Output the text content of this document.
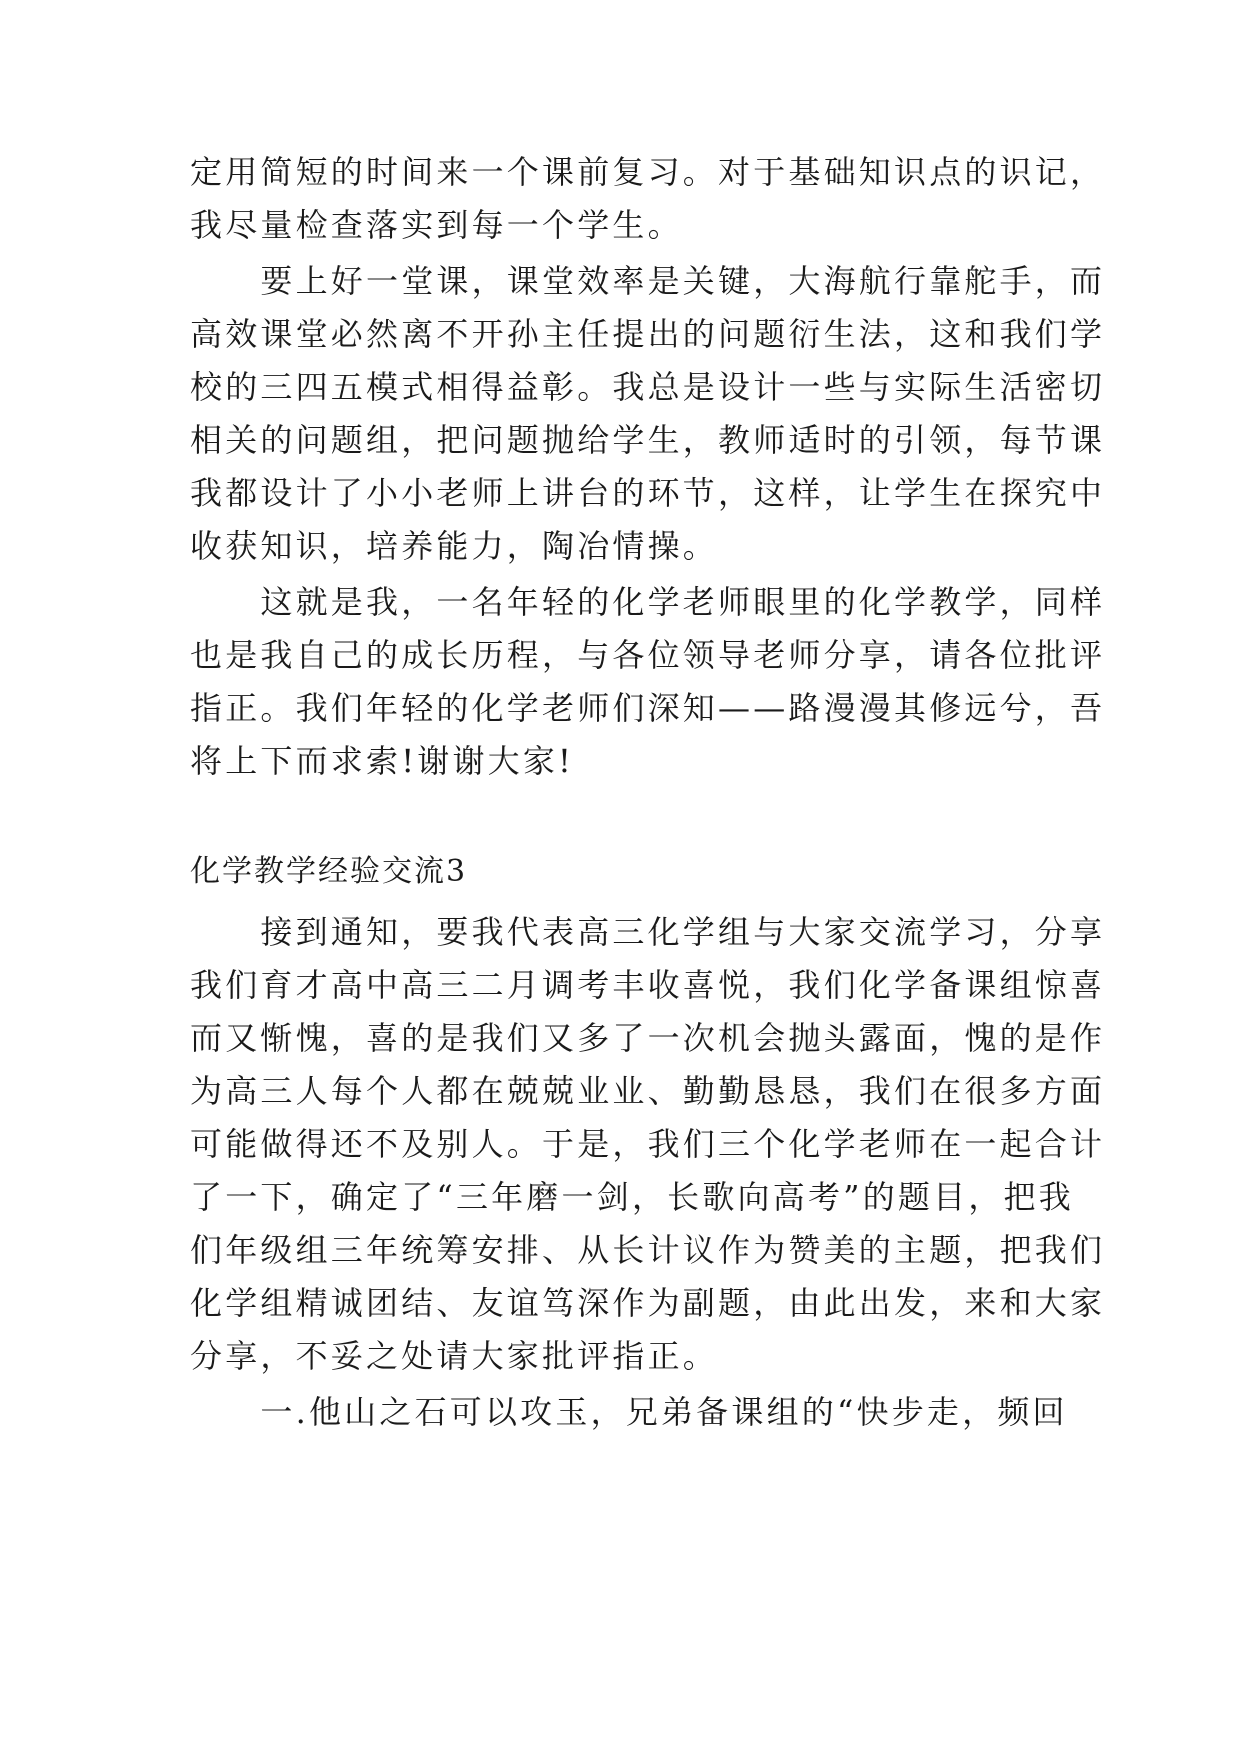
定用简短的时间来一个课前复习。对于基础知识点的识记，
我尽量检查落实到每一个学生。
　　要上好一堂课，课堂效率是关键，大海航行靠舵手，而
高效课堂必然离不开孙主任提出的问题衍生法，这和我们学
校的三四五模式相得益彰。我总是设计一些与实际生活密切
相关的问题组，把问题抛给学生，教师适时的引领，每节课
我都设计了小小老师上讲台的环节，这样，让学生在探究中
收获知识，培养能力，陶冶情操。
　　这就是我，一名年轻的化学老师眼里的化学教学，同样
也是我自己的成长历程，与各位领导老师分享，请各位批评
指正。我们年轻的化学老师们深知——路漫漫其修远兮，吾
将上下而求索!谢谢大家!
化学教学经验交流3
　　接到通知，要我代表高三化学组与大家交流学习，分享
我们育才高中高三二月调考丰收喜悦，我们化学备课组惊喜
而又惭愧，喜的是我们又多了一次机会抛头露面，愧的是作
为高三人每个人都在兢兢业业、勤勤恳恳，我们在很多方面
可能做得还不及别人。于是，我们三个化学老师在一起合计
了一下，确定了“三年磨一剑，长歌向高考”的题目，把我
们年级组三年统筹安排、从长计议作为赞美的主题，把我们
化学组精诚团结、友谊笃深作为副题，由此出发，来和大家
分享，不妥之处请大家批评指正。
　　一.他山之石可以攻玉，兄弟备课组的“快步走，频回
